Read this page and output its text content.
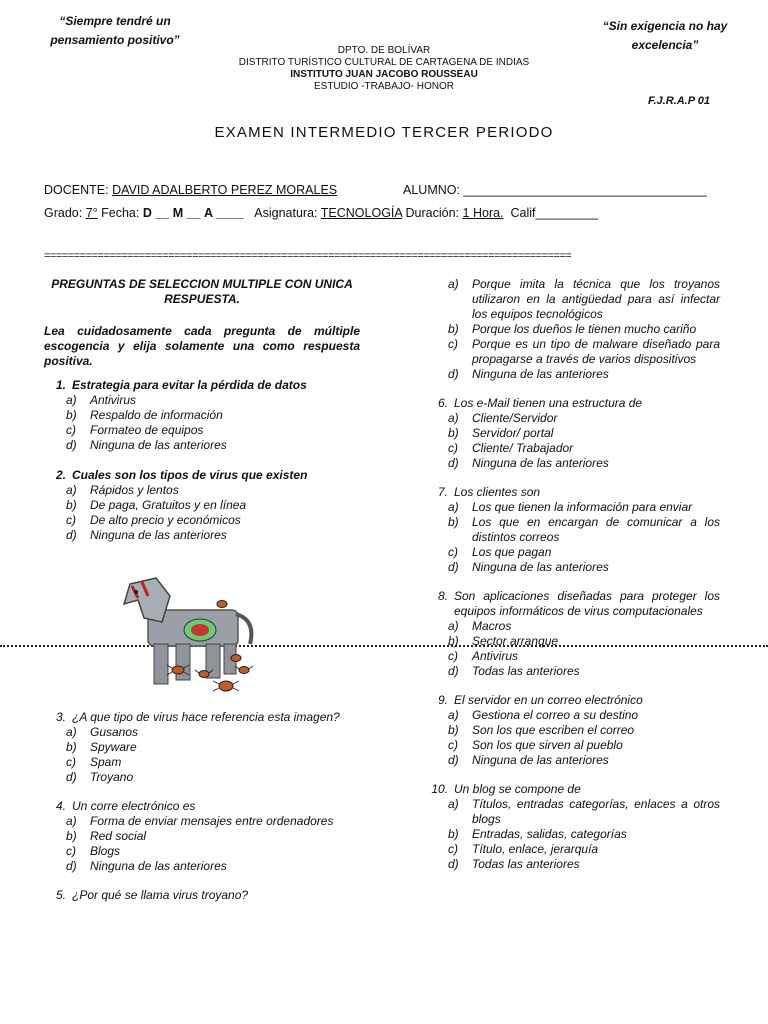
“Siempre tendré un pensamiento positivo”
“Sin exigencia no hay excelencia”
DPTO. DE BOLÍVAR
DISTRITO TURÍSTICO CULTURAL DE CARTAGENA DE INDIAS
INSTITUTO JUAN JACOBO ROUSSEAU
ESTUDIO -TRABAJO- HONOR
F.J.R.A.P 01
EXAMEN INTERMEDIO TERCER PERIODO
DOCENTE: DAVID ADALBERTO PEREZ MORALES	ALUMNO: ___________________________________
Grado: 7° Fecha: D __ M __ A ____ Asignatura: TECNOLOGÍA Duración: 1 Hora. Calif_________
=========================================================================================

PREGUNTAS DE SELECCION MULTIPLE CON UNICA RESPUESTA.

Lea cuidadosamente cada pregunta de múltiple escogencia y elija solamente una como respuesta positiva.

1. Estrategia para evitar la pérdida de datos
a)	Antivirus
b)	Respaldo de información
c)	Formateo de equipos
d)	Ninguna de las anteriores
2. Cuales son los tipos de virus que existen
a)	Rápidos y lentos
b)	De paga, Gratuitos y en línea
c)	De alto precio y económicos
d)	Ninguna de las anteriores
3. ¿A que tipo de virus hace referencia esta imagen?
a)	Gusanos
b)	Spyware
c)	Spam
d)	Troyano
4. Un corre electrónico es
a)	Forma de enviar mensajes entre ordenadores
b)	Red social
c)	Blogs
d)	Ninguna de las anteriores
5. ¿Por qué se llama virus troyano?
a)	Porque imita la técnica que los troyanos utilizaron en la antigüedad para así infectar los equipos tecnológicos
b)	Porque los dueños le tienen mucho cariño
c)	Porque es un tipo de malware diseñado para propagarse a través de varios dispositivos
d)	Ninguna de las anteriores
6. Los e-Mail tienen una estructura de
a)	Cliente/Servidor
b)	Servidor/ portal
c)	Cliente/ Trabajador
d)	Ninguna de las anteriores
7. Los clientes son
a)	Los que tienen la información para enviar
b)	Los que en encargan de comunicar a los distintos correos
c)	Los que pagan
d)	Ninguna de las anteriores
8. Son aplicaciones diseñadas para proteger los equipos informáticos de virus computacionales
a)	Macros
b)	Sector arranque
c)	Antivirus
d)	Todas las anteriores
9. El servidor en un correo electrónico
a)	Gestiona el correo a su destino
b)	Son los que escriben el correo
c)	Son los que sirven al pueblo
d)	Ninguna de las anteriores
10. Un blog se compone de
a)	Títulos, entradas categorías, enlaces a otros blogs
b)	Entradas, salidas, categorías
c)	Título, enlace, jerarquía
d)	Todas las anteriores
